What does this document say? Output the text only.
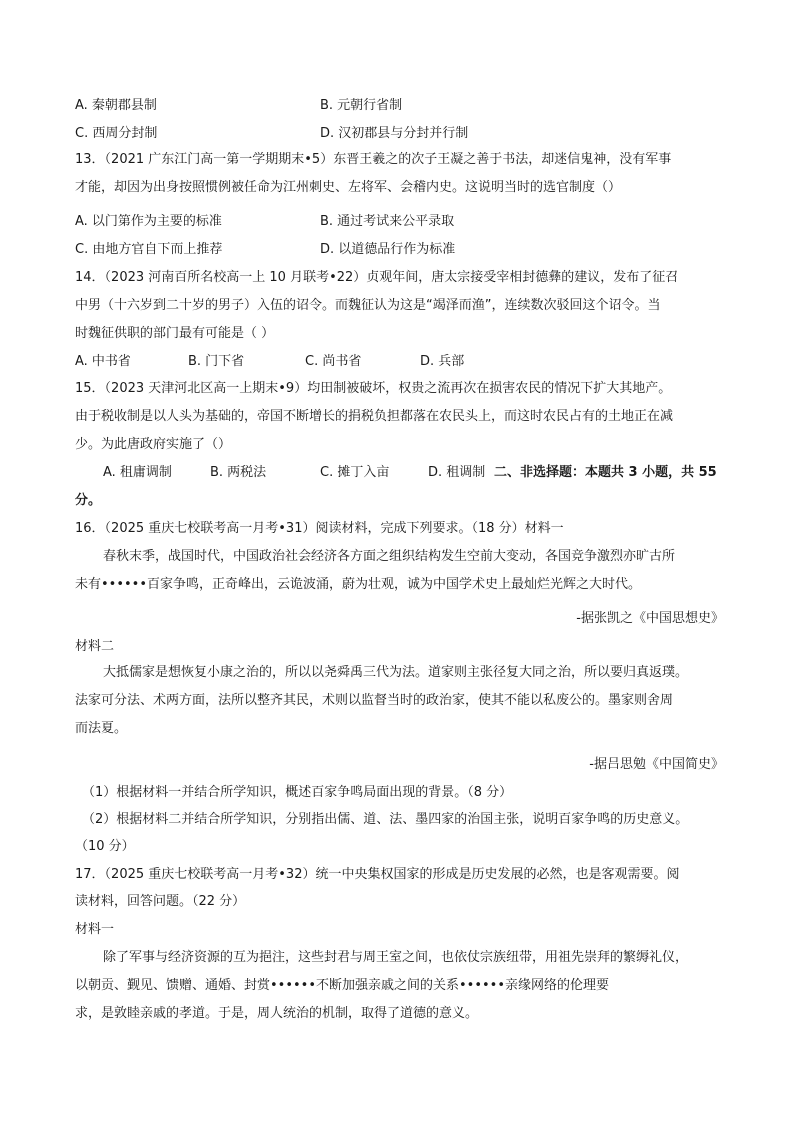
A. 秦朝郡县制	B. 元朝行省制
C. 西周分封制	D. 汉初郡县与分封并行制
13．（2021 广东江门高一第一学期期末•5）东晋王羲之的次子王凝之善于书法，却迷信鬼神，没有军事
才能，却因为出身按照惯例被任命为江州刺史、左将军、会稽内史。这说明当时的选官制度（）
A. 以门第作为主要的标准	B. 通过考试来公平录取
C. 由地方官自下而上推荐	D. 以道德品行作为标准
14．（2023 河南百所名校高一上 10 月联考•22）贞观年间，唐太宗接受宰相封德彝的建议，发布了征召
中男（十六岁到二十岁的男子）入伍的诏令。而魏征认为这是“竭泽而渔”，连续数次驳回这个诏令。当
时魏征供职的部门最有可能是（ ）
A. 中书省	B. 门下省	C. 尚书省	D. 兵部
15．（2023 天津河北区高一上期末•9）均田制被破坏，权贵之流再次在损害农民的情况下扩大其地产。
由于税收制是以人头为基础的，帝国不断增长的捐税负担都落在农民头上，而这时农民占有的土地正在减
少。为此唐政府实施了（）
A. 租庸调制	B. 两税法	C. 摊丁入亩	D. 租调制 二、非选择题：本题共 3 小题，共 55
分。
16．（2025 重庆七校联考高一月考•31）阅读材料，完成下列要求。（18 分）材料一
春秋末季，战国时代，中国政治社会经济各方面之组织结构发生空前大变动，各国竞争激烈亦旷古所
未有••••••百家争鸣，正奇峰出，云诡波涌，蔚为壮观，诚为中国学术史上最灿烂光辉之大时代。
-据张凯之《中国思想史》
材料二
大抵儒家是想恢复小康之治的，所以以尧舜禹三代为法。道家则主张径复大同之治，所以要归真返璞。
法家可分法、术两方面，法所以整齐其民，术则以监督当时的政治家，使其不能以私废公的。墨家则舍周
而法夏。
-据吕思勉《中国简史》
（1）根据材料一并结合所学知识，概述百家争鸣局面出现的背景。（8 分）
（2）根据材料二并结合所学知识，分别指出儒、道、法、墨四家的治国主张，说明百家争鸣的历史意义。
（10 分）
17．（2025 重庆七校联考高一月考•32）统一中央集权国家的形成是历史发展的必然，也是客观需要。阅
读材料，回答问题。（22 分）
材料一
除了军事与经济资源的互为挹注，这些封君与周王室之间，也依仗宗族纽带，用祖先崇拜的繁缛礼仪，
以朝贡、觐见、馈赠、通婚、封赏••••••不断加强亲戚之间的关系••••••亲缘网络的伦理要
求，是敦睦亲戚的孝道。于是，周人统治的机制，取得了道德的意义。
